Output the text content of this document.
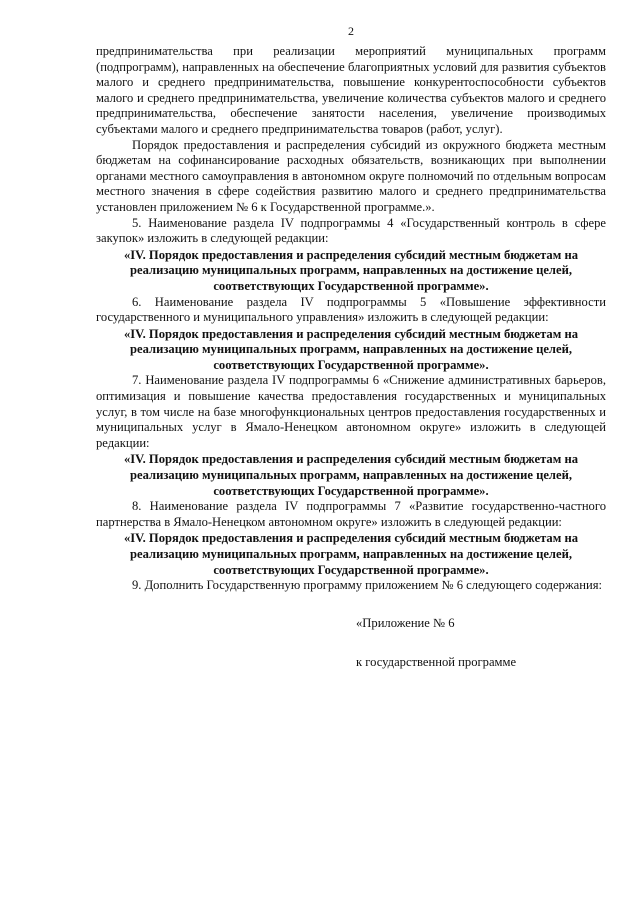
2

предпринимательства при реализации мероприятий муниципальных программ (подпрограмм), направленных на обеспечение благоприятных условий для развития субъектов малого и среднего предпринимательства, повышение конкурентоспособности субъектов малого и среднего предпринимательства, увеличение количества субъектов малого и среднего предпринимательства, обеспечение занятости населения, увеличение производимых субъектами малого и среднего предпринимательства товаров (работ, услуг).

Порядок предоставления и распределения субсидий из окружного бюджета местным бюджетам на софинансирование расходных обязательств, возникающих при выполнении органами местного самоуправления в автономном округе полномочий по отдельным вопросам местного значения в сфере содействия развитию малого и среднего предпринимательства установлен приложением № 6 к Государственной программе.».

5. Наименование раздела IV подпрограммы 4 «Государственный контроль в сфере закупок» изложить в следующей редакции:

«IV. Порядок предоставления и распределения субсидий местным бюджетам на реализацию муниципальных программ, направленных на достижение целей, соответствующих Государственной программе».

6. Наименование раздела IV подпрограммы 5 «Повышение эффективности государственного и муниципального управления» изложить в следующей редакции:

«IV. Порядок предоставления и распределения субсидий местным бюджетам на реализацию муниципальных программ, направленных на достижение целей, соответствующих Государственной программе».

7. Наименование раздела IV подпрограммы 6 «Снижение административных барьеров, оптимизация и повышение качества предоставления государственных и муниципальных услуг, в том числе на базе многофункциональных центров предоставления государственных и муниципальных услуг в Ямало-Ненецком автономном округе» изложить в следующей редакции:

«IV. Порядок предоставления и распределения субсидий местным бюджетам на реализацию муниципальных программ, направленных на достижение целей, соответствующих Государственной программе».

8. Наименование раздела IV подпрограммы 7 «Развитие государственно-частного партнерства в Ямало-Ненецком автономном округе» изложить в следующей редакции:

«IV. Порядок предоставления и распределения субсидий местным бюджетам на реализацию муниципальных программ, направленных на достижение целей, соответствующих Государственной программе».

9. Дополнить Государственную программу приложением № 6 следующего содержания:

«Приложение № 6
к государственной программе
